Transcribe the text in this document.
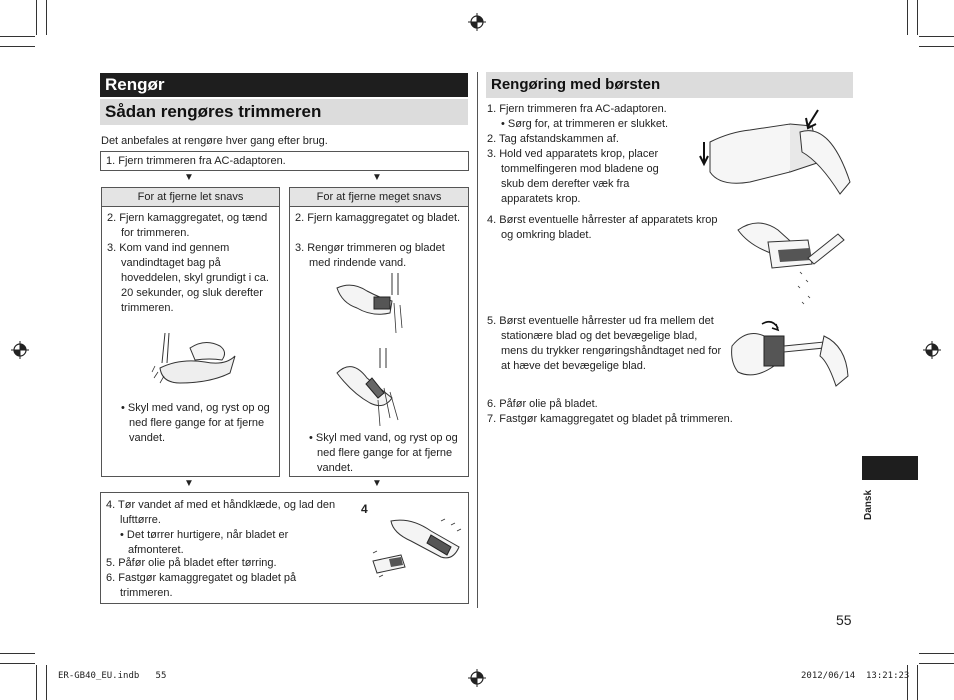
Rengør
Sådan rengøres trimmeren
Det anbefales at rengøre hver gang efter brug.
1. Fjern trimmeren fra AC-adaptoren.
▼	▼
For at fjerne let snavs
2. Fjern kamaggregatet, og tænd for trimmeren.
3. Kom vand ind gennem vandindtaget bag på hoveddelen, skyl grundigt i ca. 20 sekunder, og sluk derefter trimmeren.
• Skyl med vand, og ryst op og ned flere gange for at fjerne vandet.
For at fjerne meget snavs
2. Fjern kamaggregatet og bladet.
3. Rengør trimmeren og bladet med rindende vand.
• Skyl med vand, og ryst op og ned flere gange for at fjerne vandet.
▼	▼
4. Tør vandet af med et håndklæde, og lad den lufttørre.
• Det tørrer hurtigere, når bladet er afmonteret.
5. Påfør olie på bladet efter tørring.
6. Fastgør kamaggregatet og bladet på trimmeren.
4
Rengøring med børsten
1. Fjern trimmeren fra AC-adaptoren.
• Sørg for, at trimmeren er slukket.
2. Tag afstandskammen af.
3. Hold ved apparatets krop, placer tommelfingeren mod bladene og skub dem derefter væk fra apparatets krop.
4. Børst eventuelle hårrester af apparatets krop og omkring bladet.
5. Børst eventuelle hårrester ud fra mellem det stationære blad og det bevægelige blad, mens du trykker rengøringshåndtaget ned for at hæve det bevægelige blad.
6. Påfør olie på bladet.
7. Fastgør kamaggregatet og bladet på trimmeren.
Dansk
55
ER-GB40_EU.indb   55	2012/06/14 13:21:23
